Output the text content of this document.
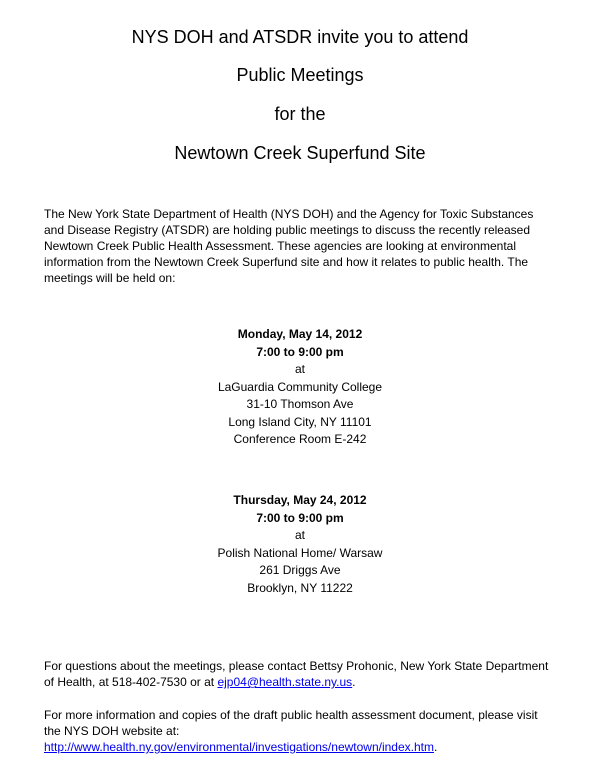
NYS DOH and ATSDR invite you to attend
Public Meetings
for the
Newtown Creek Superfund Site
The New York State Department of Health (NYS DOH) and the Agency for Toxic Substances
and Disease Registry (ATSDR) are holding public meetings to discuss the recently released
Newtown Creek Public Health Assessment. These agencies are looking at environmental
information from the Newtown Creek Superfund site and how it relates to public health. The
meetings will be held on:
Monday, May 14, 2012
7:00 to 9:00 pm
at
LaGuardia Community College
31-10 Thomson Ave
Long Island City, NY 11101
Conference Room E-242
Thursday, May 24, 2012
7:00 to 9:00 pm
at
Polish National Home/ Warsaw
261 Driggs Ave
Brooklyn, NY 11222
For questions about the meetings, please contact Bettsy Prohonic, New York State Department
of Health, at 518-402-7530 or at ejp04@health.state.ny.us.
For more information and copies of the draft public health assessment document, please visit
the NYS DOH website at:
http://www.health.ny.gov/environmental/investigations/newtown/index.htm.
